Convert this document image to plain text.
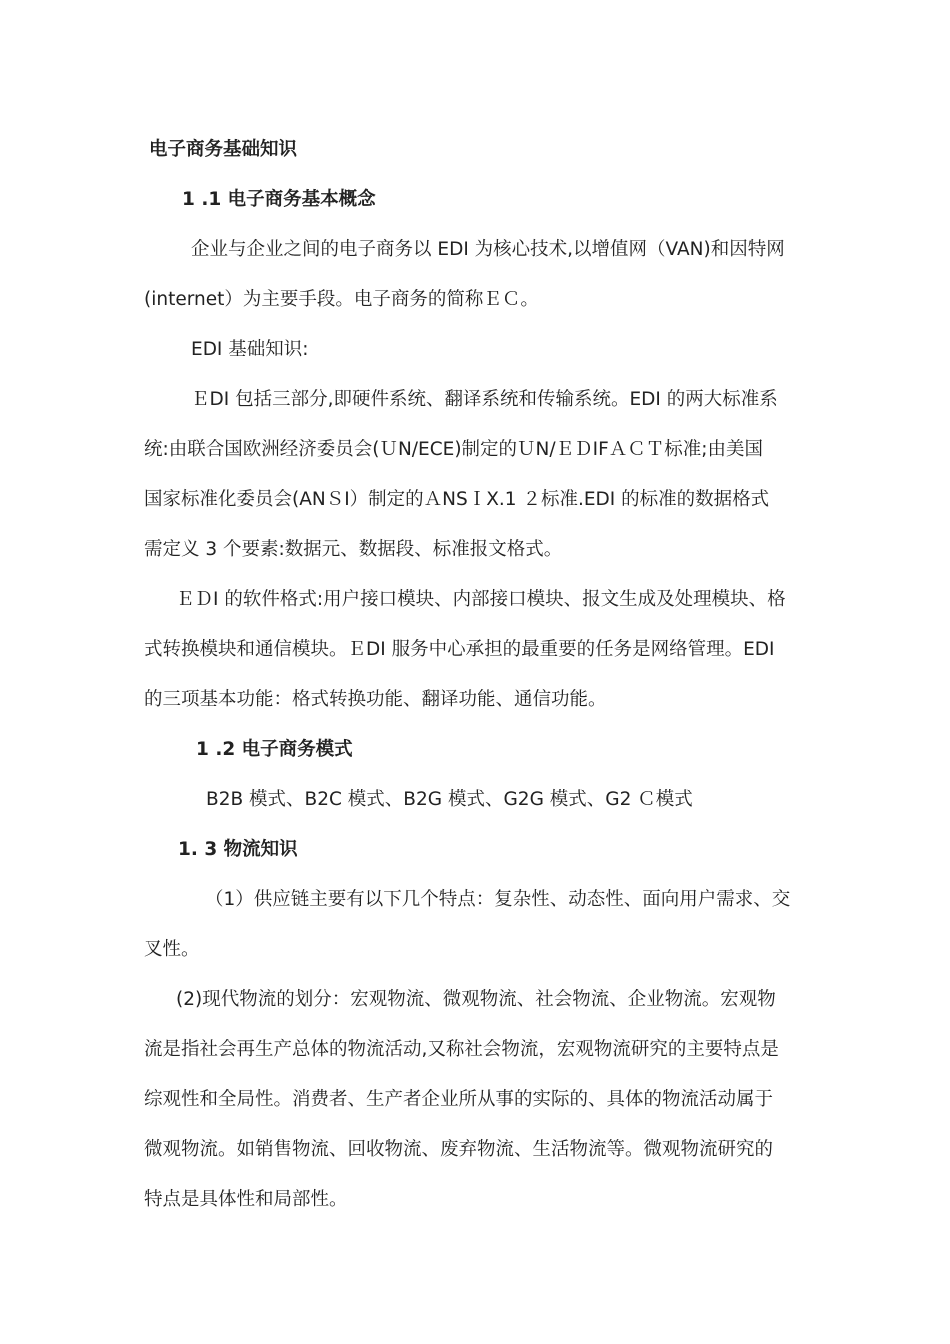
电子商务基础知识
1 .1 电子商务基本概念
企业与企业之间的电子商务以 EDI 为核心技术,以增值网（VAN)和因特网
(internet）为主要手段。电子商务的简称ＥＣ。
EDI 基础知识:
ＥDI 包括三部分,即硬件系统、翻译系统和传输系统。EDI 的两大标准系
统:由联合国欧洲经济委员会(ＵN/ECE)制定的ＵN/ＥＤIFＡＣＴ标准;由美国
国家标准化委员会(ANＳI）制定的ＡNSＩX.1 ２标准.EDI 的标准的数据格式
需定义 3 个要素:数据元、数据段、标准报文格式。
ＥＤI 的软件格式:用户接口模块、内部接口模块、报文生成及处理模块、格
式转换模块和通信模块。ＥDI 服务中心承担的最重要的任务是网络管理。EDI
的三项基本功能：格式转换功能、翻译功能、通信功能。
1 .2 电子商务模式
B2B 模式、B2C 模式、B2G 模式、G2G 模式、G2 Ｃ模式
1. 3 物流知识
（1）供应链主要有以下几个特点：复杂性、动态性、面向用户需求、交
叉性。
(2)现代物流的划分：宏观物流、微观物流、社会物流、企业物流。宏观物
流是指社会再生产总体的物流活动,又称社会物流，宏观物流研究的主要特点是
综观性和全局性。消费者、生产者企业所从事的实际的、具体的物流活动属于
微观物流。如销售物流、回收物流、废弃物流、生活物流等。微观物流研究的
特点是具体性和局部性。
